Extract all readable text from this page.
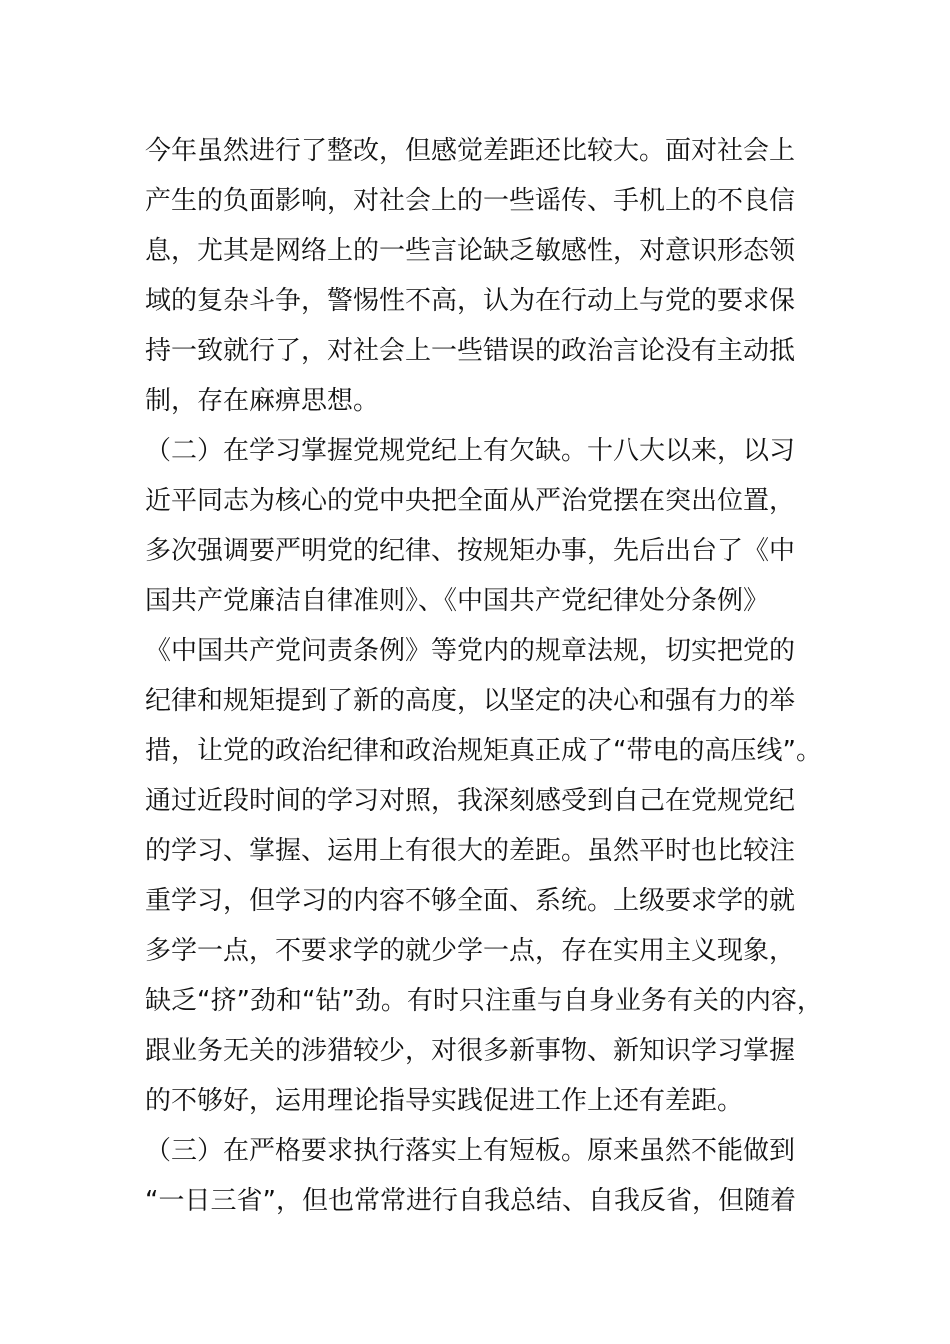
今年虽然进行了整改，但感觉差距还比较大。面对社会上
产生的负面影响，对社会上的一些谣传、手机上的不良信
息，尤其是网络上的一些言论缺乏敏感性，对意识形态领
域的复杂斗争，警惕性不高，认为在行动上与党的要求保
持一致就行了，对社会上一些错误的政治言论没有主动抵
制，存在麻痹思想。
（二）在学习掌握党规党纪上有欠缺。十八大以来，以习
近平同志为核心的党中央把全面从严治党摆在突出位置，
多次强调要严明党的纪律、按规矩办事，先后出台了《中
国共产党廉洁自律准则》、《中国共产党纪律处分条例》
《中国共产党问责条例》等党内的规章法规，切实把党的
纪律和规矩提到了新的高度，以坚定的决心和强有力的举
措，让党的政治纪律和政治规矩真正成了“带电的高压线”。
通过近段时间的学习对照，我深刻感受到自己在党规党纪
的学习、掌握、运用上有很大的差距。虽然平时也比较注
重学习，但学习的内容不够全面、系统。上级要求学的就
多学一点，不要求学的就少学一点，存在实用主义现象，
缺乏“挤”劲和“钻”劲。有时只注重与自身业务有关的内容，
跟业务无关的涉猎较少，对很多新事物、新知识学习掌握
的不够好，运用理论指导实践促进工作上还有差距。
（三）在严格要求执行落实上有短板。原来虽然不能做到
“一日三省”，但也常常进行自我总结、自我反省，但随着
